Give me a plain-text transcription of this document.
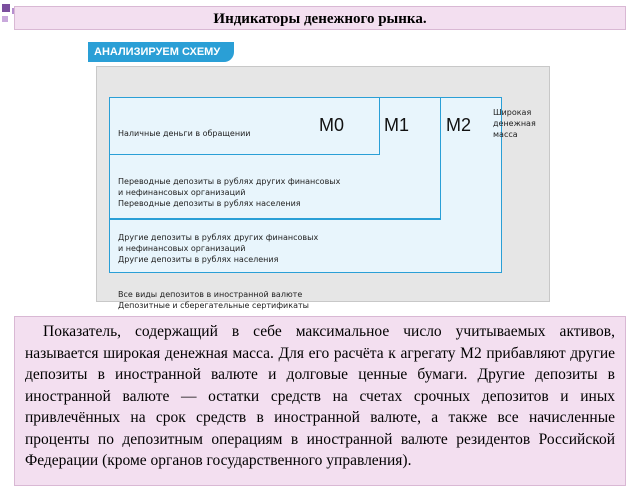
Индикаторы денежного рынка.
АНАЛИЗИРУЕМ СХЕМУ
M0 M1 M2
Широкая денежная масса
Наличные деньги в обращении
Переводные депозиты в рублях других финансовых
и нефинансовых организаций
Переводные депозиты в рублях населения
Другие депозиты в рублях других финансовых
и нефинансовых организаций
Другие депозиты в рублях населения
Все виды депозитов в иностранной валюте
Депозитные и сберегательные сертификаты

Показатель, содержащий в себе максимальное число учитываемых активов, называется широкая денежная масса. Для его расчёта к агрегату М2 прибавляют другие депозиты в иностранной валюте и долговые ценные бумаги. Другие депозиты в иностранной валюте — остатки средств на счетах срочных депозитов и иных привлечённых на срок средств в иностранной валюте, а также все начисленные проценты по депозитным операциям в иностранной валюте резидентов Российской Федерации (кроме органов государственного управления).
